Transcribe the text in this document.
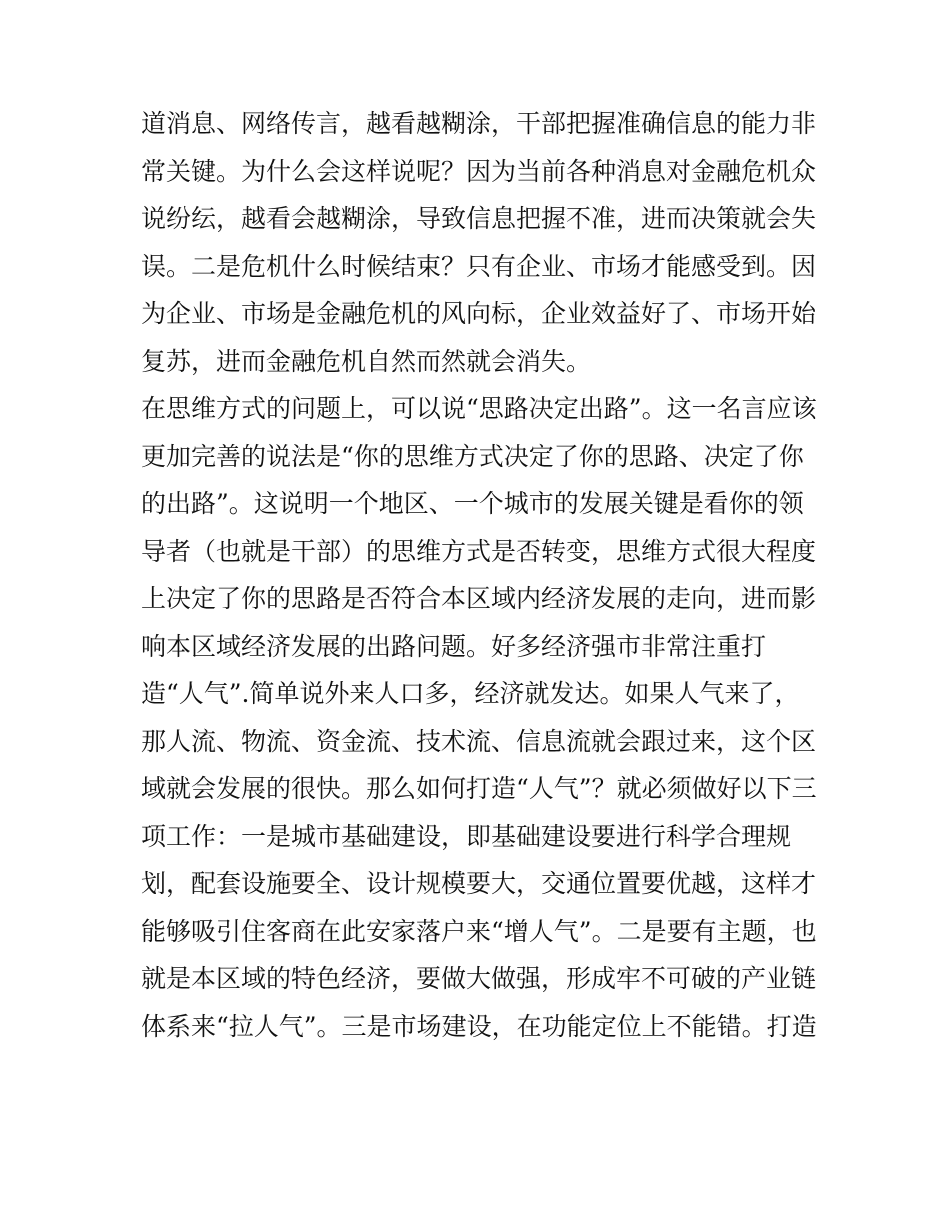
道消息、网络传言，越看越糊涂，干部把握准确信息的能力非
常关键。为什么会这样说呢？因为当前各种消息对金融危机众
说纷纭，越看会越糊涂，导致信息把握不准，进而决策就会失
误。二是危机什么时候结束？只有企业、市场才能感受到。因
为企业、市场是金融危机的风向标，企业效益好了、市场开始
复苏，进而金融危机自然而然就会消失。
在思维方式的问题上，可以说“思路决定出路”。这一名言应该
更加完善的说法是“你的思维方式决定了你的思路、决定了你
的出路”。这说明一个地区、一个城市的发展关键是看你的领
导者（也就是干部）的思维方式是否转变，思维方式很大程度
上决定了你的思路是否符合本区域内经济发展的走向，进而影
响本区域经济发展的出路问题。好多经济强市非常注重打
造“人气”.简单说外来人口多，经济就发达。如果人气来了，
那人流、物流、资金流、技术流、信息流就会跟过来，这个区
域就会发展的很快。那么如何打造“人气”？就必须做好以下三
项工作：一是城市基础建设，即基础建设要进行科学合理规
划，配套设施要全、设计规模要大，交通位置要优越，这样才
能够吸引住客商在此安家落户来“增人气”。二是要有主题，也
就是本区域的特色经济，要做大做强，形成牢不可破的产业链
体系来“拉人气”。三是市场建设，在功能定位上不能错。打造
